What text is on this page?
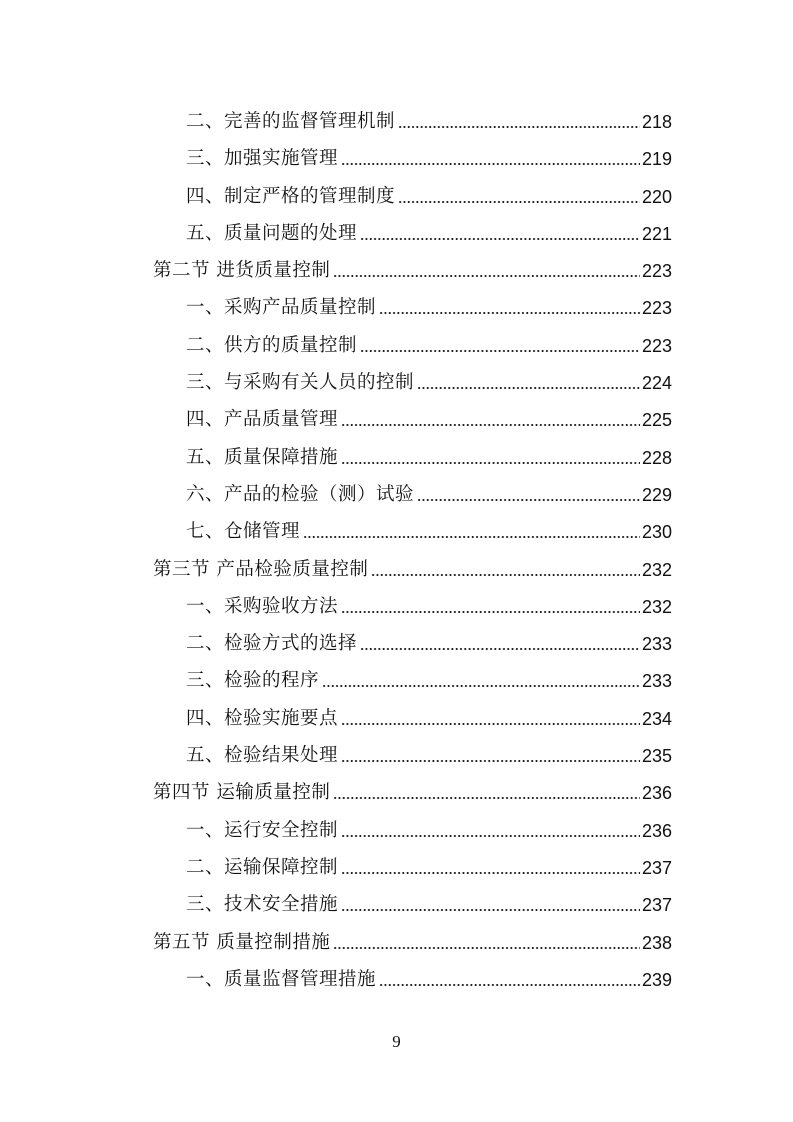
二、完善的监督管理机制	218
三、加强实施管理	219
四、制定严格的管理制度	220
五、质量问题的处理	221
第二节 进货质量控制	223
一、采购产品质量控制	223
二、供方的质量控制	223
三、与采购有关人员的控制	224
四、产品质量管理	225
五、质量保障措施	228
六、产品的检验（测）试验	229
七、仓储管理	230
第三节 产品检验质量控制	232
一、采购验收方法	232
二、检验方式的选择	233
三、检验的程序	233
四、检验实施要点	234
五、检验结果处理	235
第四节 运输质量控制	236
一、运行安全控制	236
二、运输保障控制	237
三、技术安全措施	237
第五节 质量控制措施	238
一、质量监督管理措施	239
9
